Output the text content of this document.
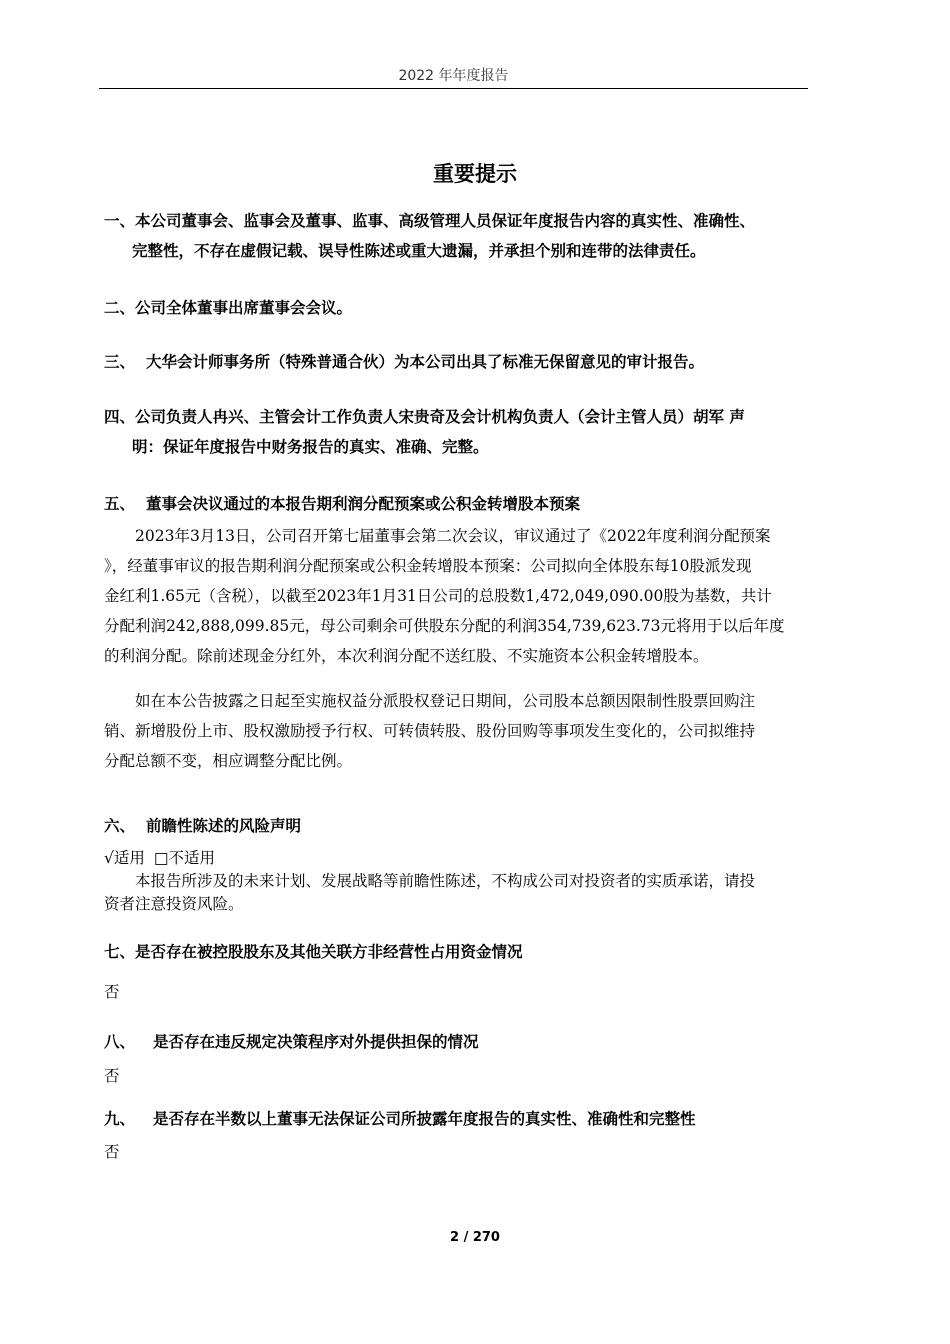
2022 年年度报告
重要提示
一、本公司董事会、监事会及董事、监事、高级管理人员保证年度报告内容的真实性、准确性、
完整性，不存在虚假记载、误导性陈述或重大遗漏，并承担个别和连带的法律责任。
二、公司全体董事出席董事会会议。
三、 大华会计师事务所（特殊普通合伙）为本公司出具了标准无保留意见的审计报告。
四、公司负责人冉兴、主管会计工作负责人宋贵奇及会计机构负责人（会计主管人员）胡军 声
明：保证年度报告中财务报告的真实、准确、完整。
五、 董事会决议通过的本报告期利润分配预案或公积金转增股本预案
2023年3月13日，公司召开第七届董事会第二次会议，审议通过了《2022年度利润分配预案
》，经董事审议的报告期利润分配预案或公积金转增股本预案：公司拟向全体股东每10股派发现
金红利1.65元（含税），以截至2023年1月31日公司的总股数1,472,049,090.00股为基数，共计
分配利润242,888,099.85元，母公司剩余可供股东分配的利润354,739,623.73元将用于以后年度
的利润分配。除前述现金分红外，本次利润分配不送红股、不实施资本公积金转增股本。
如在本公告披露之日起至实施权益分派股权登记日期间，公司股本总额因限制性股票回购注
销、新增股份上市、股权激励授予行权、可转债转股、股份回购等事项发生变化的，公司拟维持
分配总额不变，相应调整分配比例。
六、 前瞻性陈述的风险声明
√适用 □不适用
本报告所涉及的未来计划、发展战略等前瞻性陈述，不构成公司对投资者的实质承诺，请投
资者注意投资风险。
七、是否存在被控股股东及其他关联方非经营性占用资金情况
否
八、 是否存在违反规定决策程序对外提供担保的情况
否
九、 是否存在半数以上董事无法保证公司所披露年度报告的真实性、准确性和完整性
否
2 / 270
